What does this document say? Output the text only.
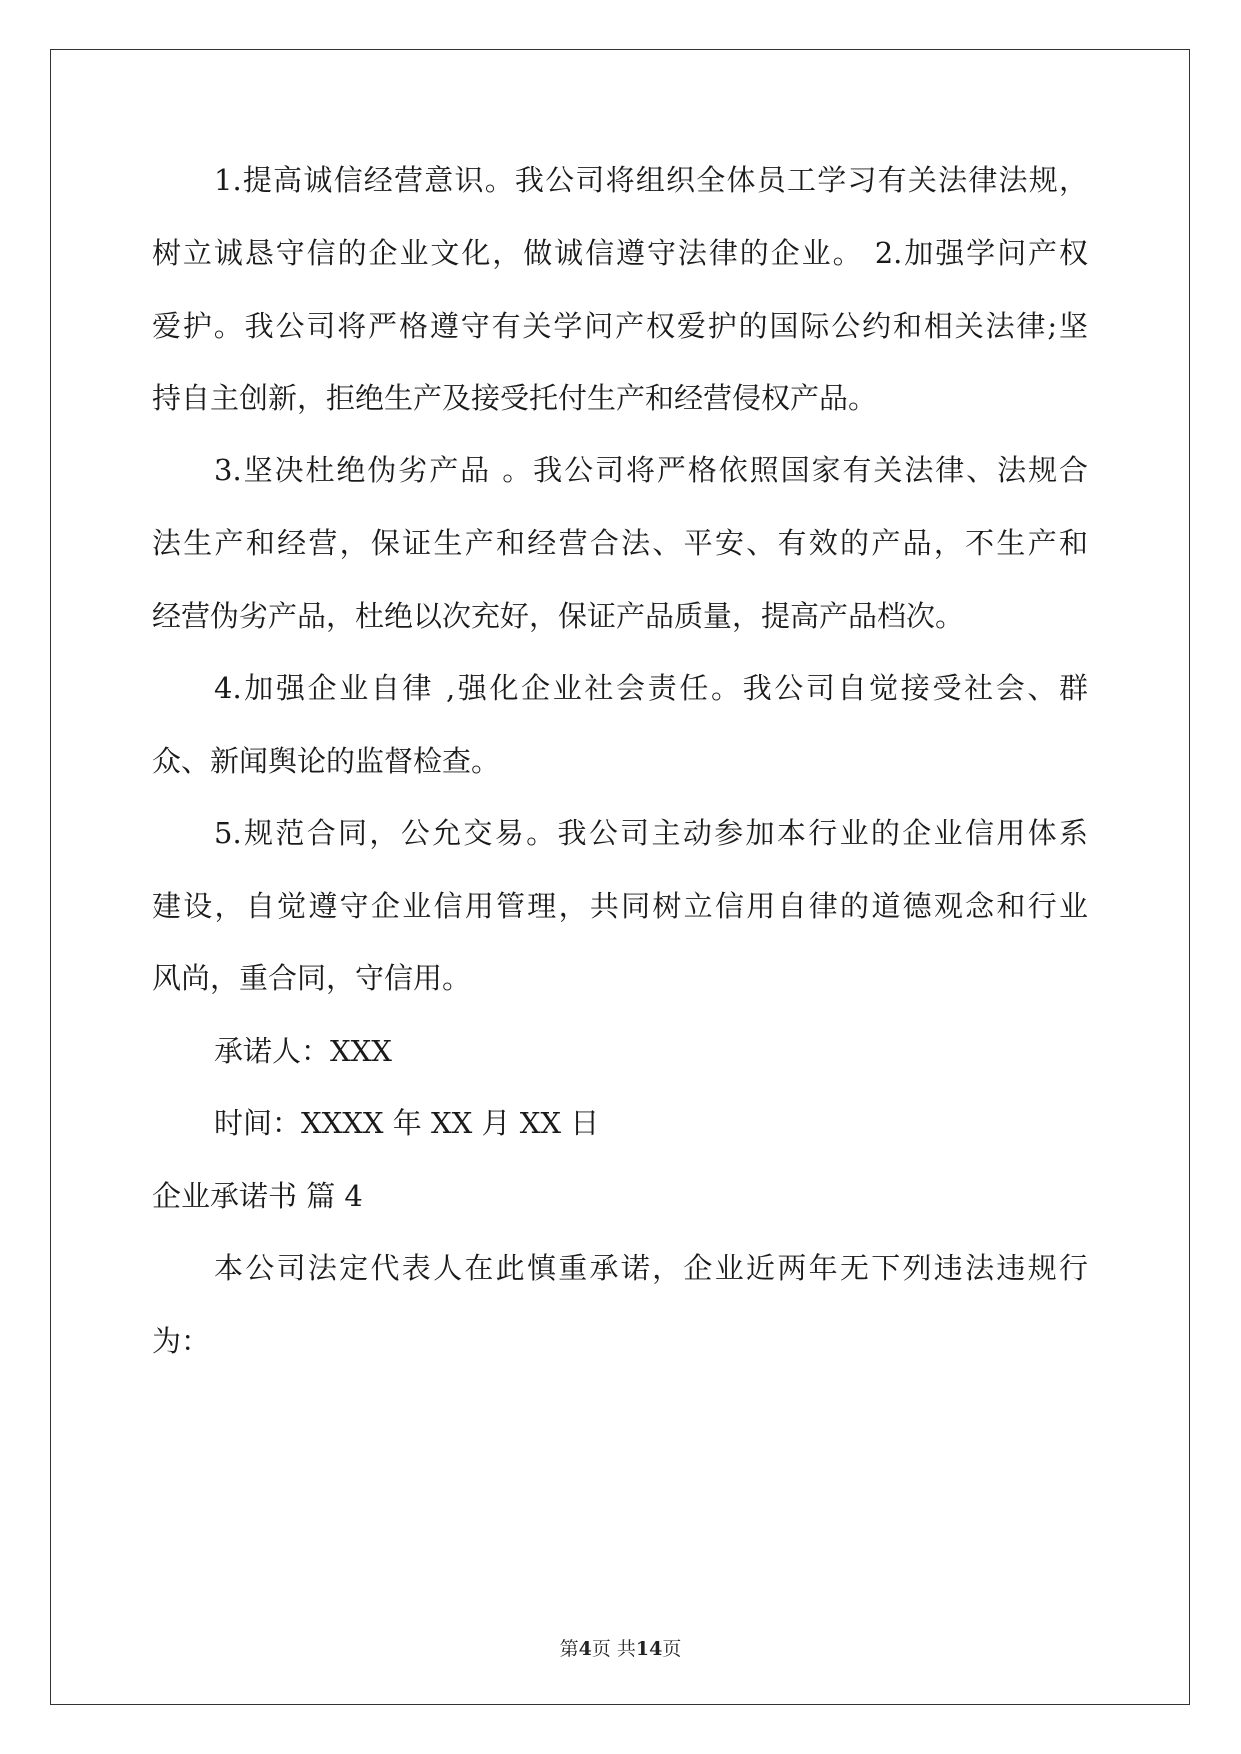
1.提高诚信经营意识。我公司将组织全体员工学习有关法律法规，
树立诚恳守信的企业文化，做诚信遵守法律的企业。 2.加强学问产权
爱护。我公司将严格遵守有关学问产权爱护的国际公约和相关法律;坚
持自主创新，拒绝生产及接受托付生产和经营侵权产品。
3.坚决杜绝伪劣产品 。我公司将严格依照国家有关法律、法规合
法生产和经营，保证生产和经营合法、平安、有效的产品，不生产和
经营伪劣产品，杜绝以次充好，保证产品质量，提高产品档次。
4.加强企业自律 ,强化企业社会责任。我公司自觉接受社会、群
众、新闻舆论的监督检查。
5.规范合同，公允交易。我公司主动参加本行业的企业信用体系
建设，自觉遵守企业信用管理，共同树立信用自律的道德观念和行业
风尚，重合同，守信用。
承诺人：XXX
时间：XXXX 年 XX 月 XX 日
企业承诺书 篇 4
本公司法定代表人在此慎重承诺，企业近两年无下列违法违规行
为：
第4页 共14页
